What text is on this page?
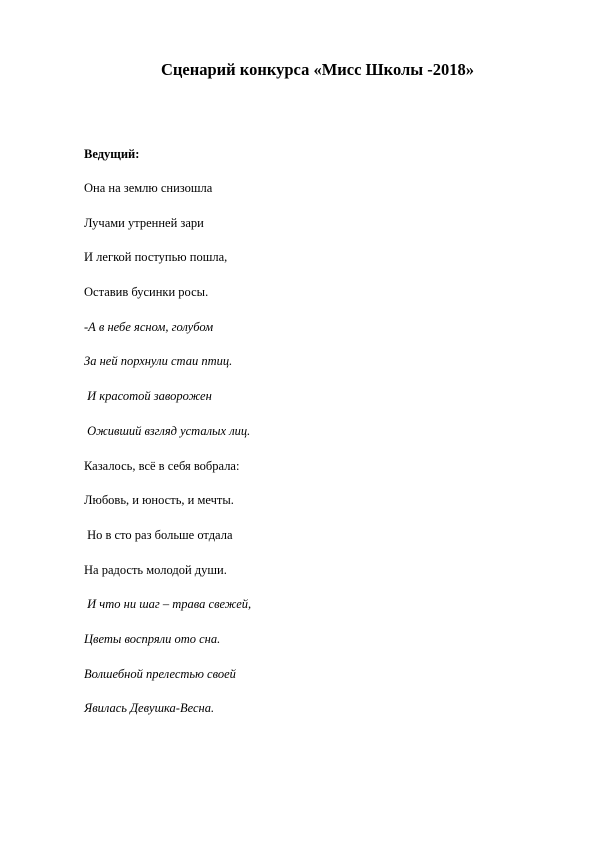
Сценарий конкурса «Мисс Школы -2018»
Ведущий:
Она на землю снизошла
Лучами утренней зари
И легкой поступью пошла,
Оставив бусинки росы.
-А в небе ясном, голубом
За ней порхнули стаи птиц.
И красотой заворожен
Оживший взгляд усталых лиц.
Казалось, всё в себя вобрала:
Любовь, и юность, и мечты.
Но в сто раз больше отдала
На радость молодой души.
И что ни шаг – трава свежей,
Цветы воспряли ото сна.
Волшебной прелестью своей
Явилась Девушка-Весна.
